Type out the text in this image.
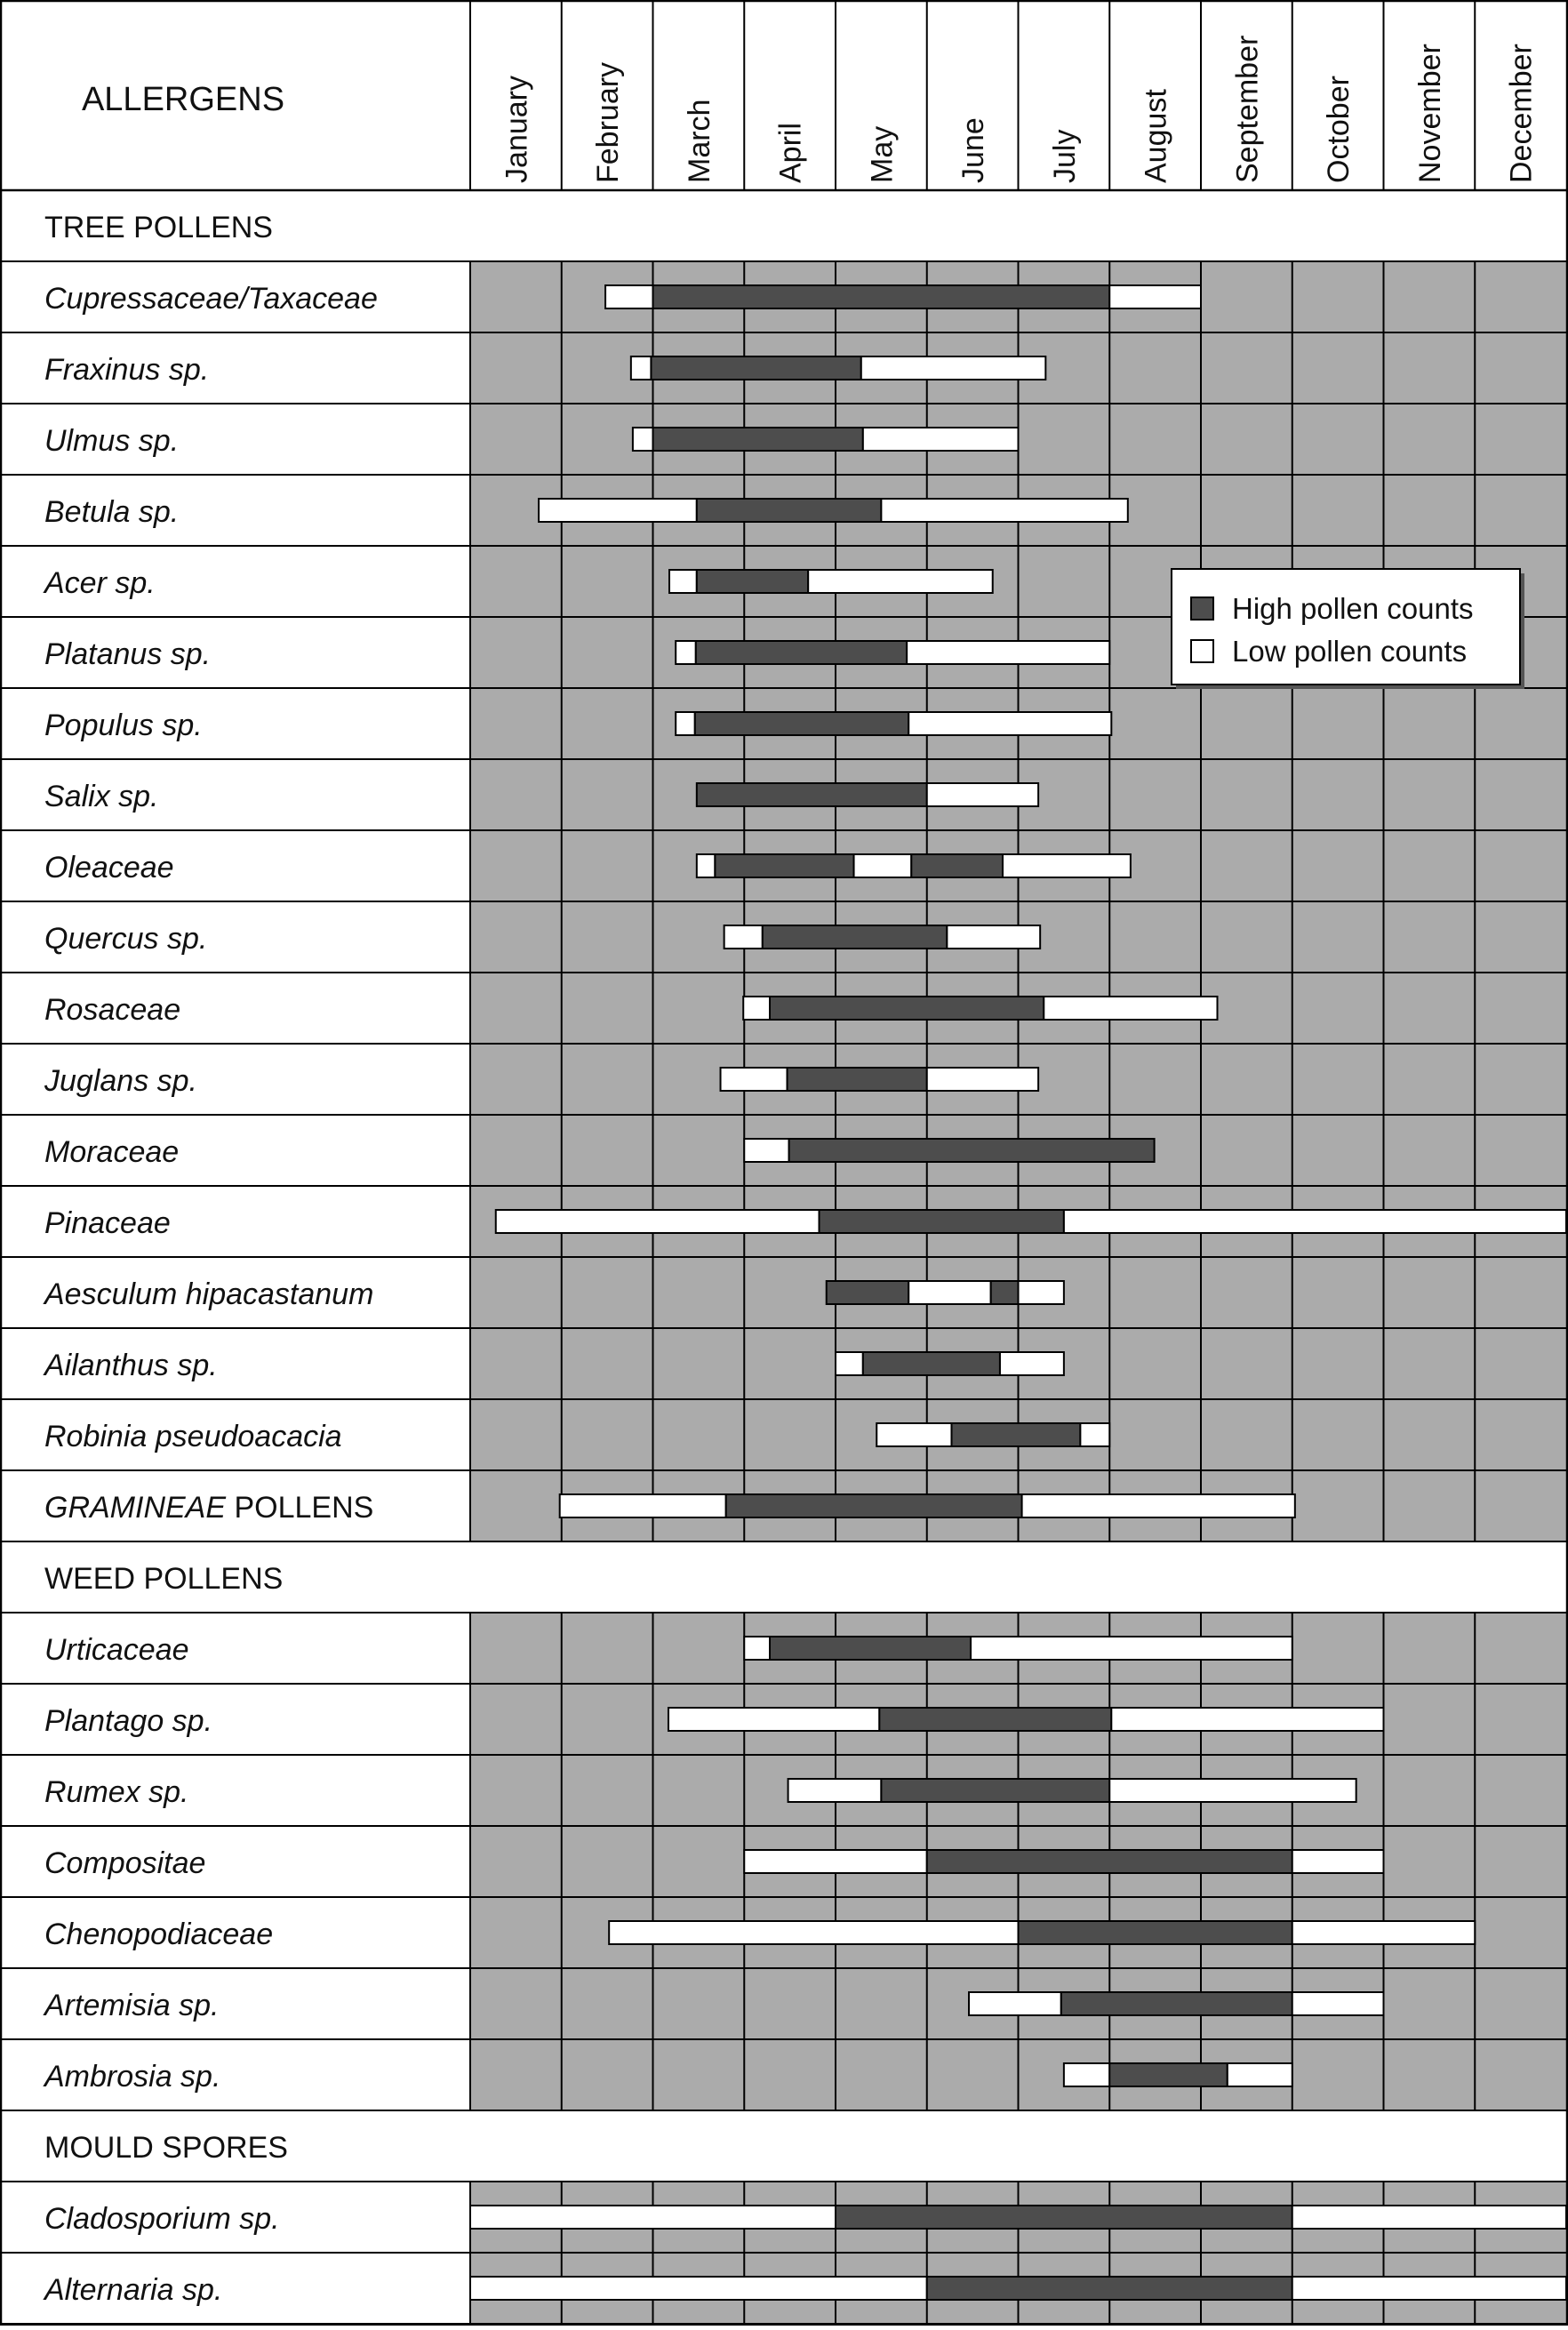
ALLERGENS	January February March April May June July August September October November December
TREE POLLENS
Cupressaceae/Taxaceae
Fraxinus sp.
Ulmus sp.
Betula sp.
Acer sp.
Platanus sp.
Populus sp.
Salix sp.
Oleaceae
Quercus sp.
Rosaceae
Juglans sp.
Moraceae
Pinaceae
Aesculum hipacastanum
Ailanthus sp.
Robinia pseudoacacia
GRAMINEAE POLLENS
WEED POLLENS
Urticaceae
Plantago sp.
Rumex sp.
Compositae
Chenopodiaceae
Artemisia sp.
Ambrosia sp.
MOULD SPORES
Cladosporium sp.
Alternaria sp.
High pollen counts
Low pollen counts
